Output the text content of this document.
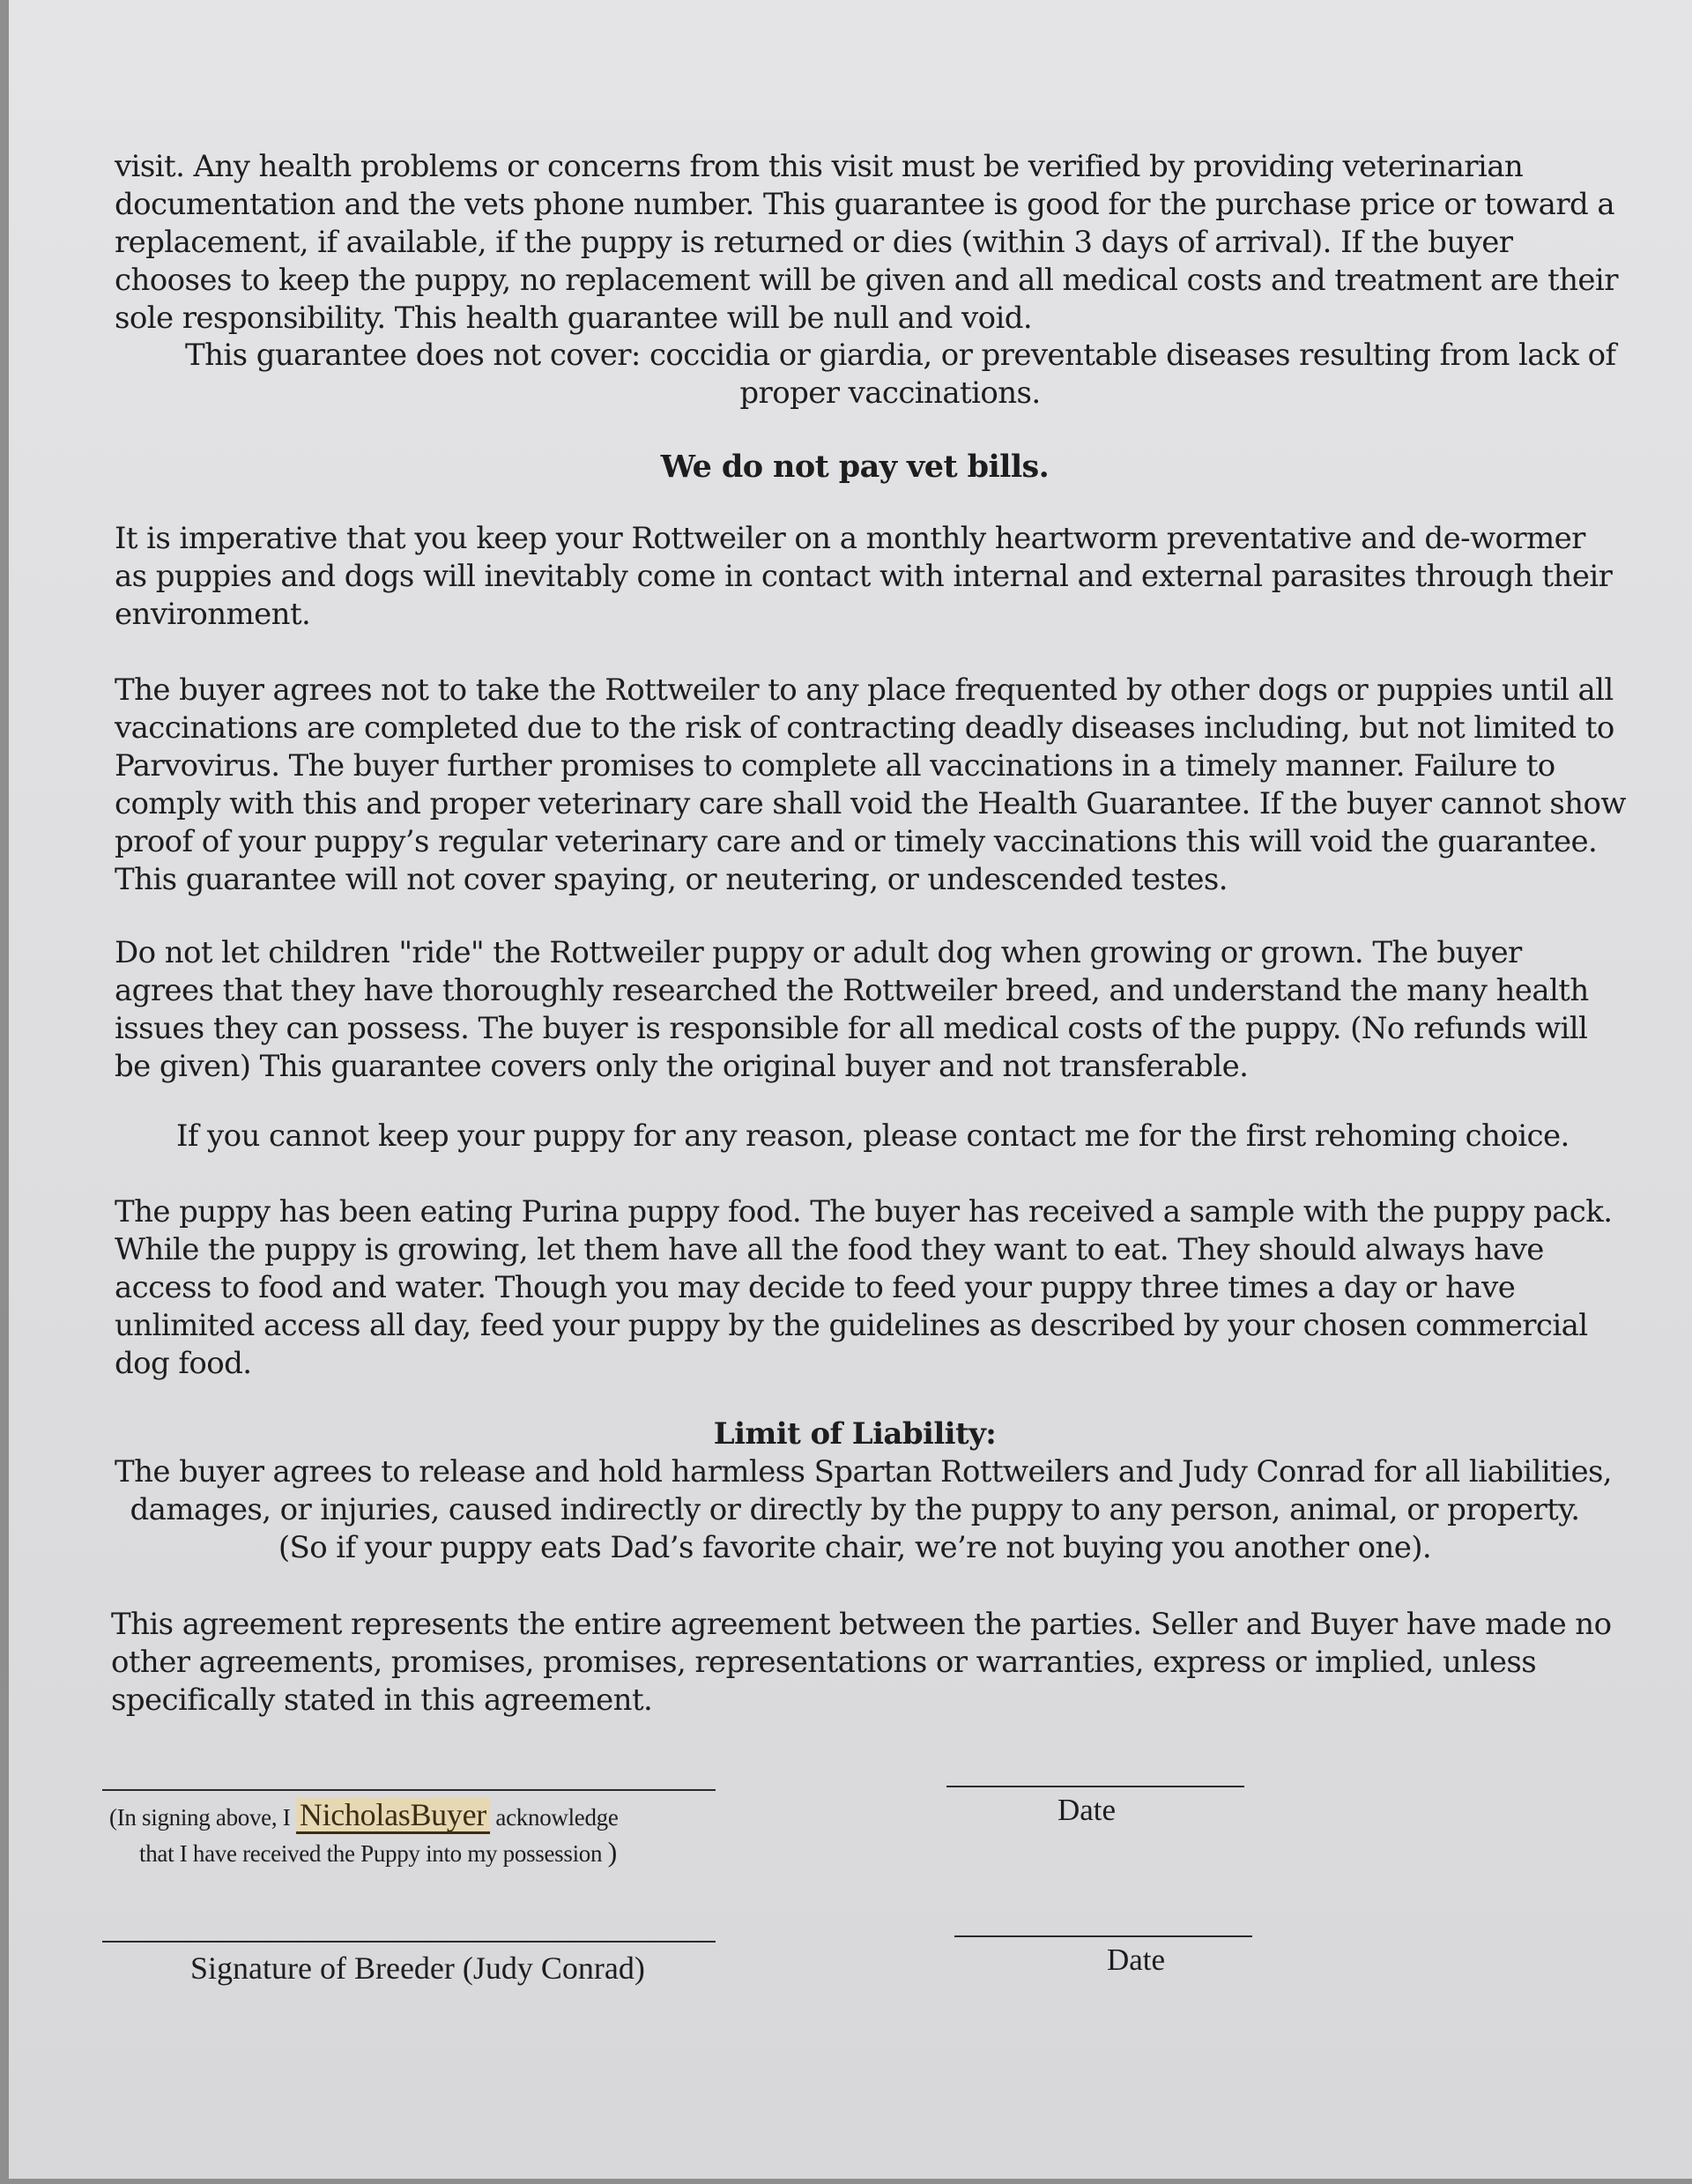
visit. Any health problems or concerns from this visit must be verified by providing veterinarian
documentation and the vets phone number. This guarantee is good for the purchase price or toward a
replacement, if available, if the puppy is returned or dies (within 3 days of arrival). If the buyer
chooses to keep the puppy, no replacement will be given and all medical costs and treatment are their
sole responsibility. This health guarantee will be null and void.
This guarantee does not cover: coccidia or giardia, or preventable diseases resulting from lack of
proper vaccinations.
We do not pay vet bills.
It is imperative that you keep your Rottweiler on a monthly heartworm preventative and de-wormer
as puppies and dogs will inevitably come in contact with internal and external parasites through their
environment.
The buyer agrees not to take the Rottweiler to any place frequented by other dogs or puppies until all
vaccinations are completed due to the risk of contracting deadly diseases including, but not limited to
Parvovirus. The buyer further promises to complete all vaccinations in a timely manner. Failure to
comply with this and proper veterinary care shall void the Health Guarantee. If the buyer cannot show
proof of your puppy’s regular veterinary care and or timely vaccinations this will void the guarantee.
This guarantee will not cover spaying, or neutering, or undescended testes.
Do not let children "ride" the Rottweiler puppy or adult dog when growing or grown. The buyer
agrees that they have thoroughly researched the Rottweiler breed, and understand the many health
issues they can possess. The buyer is responsible for all medical costs of the puppy. (No refunds will
be given) This guarantee covers only the original buyer and not transferable.
If you cannot keep your puppy for any reason, please contact me for the first rehoming choice.
The puppy has been eating Purina puppy food. The buyer has received a sample with the puppy pack.
While the puppy is growing, let them have all the food they want to eat. They should always have
access to food and water. Though you may decide to feed your puppy three times a day or have
unlimited access all day, feed your puppy by the guidelines as described by your chosen commercial
dog food.
Limit of Liability:
The buyer agrees to release and hold harmless Spartan Rottweilers and Judy Conrad for all liabilities,
damages, or injuries, caused indirectly or directly by the puppy to any person, animal, or property.
(So if your puppy eats Dad’s favorite chair, we’re not buying you another one).
This agreement represents the entire agreement between the parties. Seller and Buyer have made no
other agreements, promises, promises, representations or warranties, express or implied, unless
specifically stated in this agreement.
(In signing above, I NicholasBuyer acknowledge
that I have received the Puppy into my possession )
Date
Signature of Breeder (Judy Conrad)	Date
